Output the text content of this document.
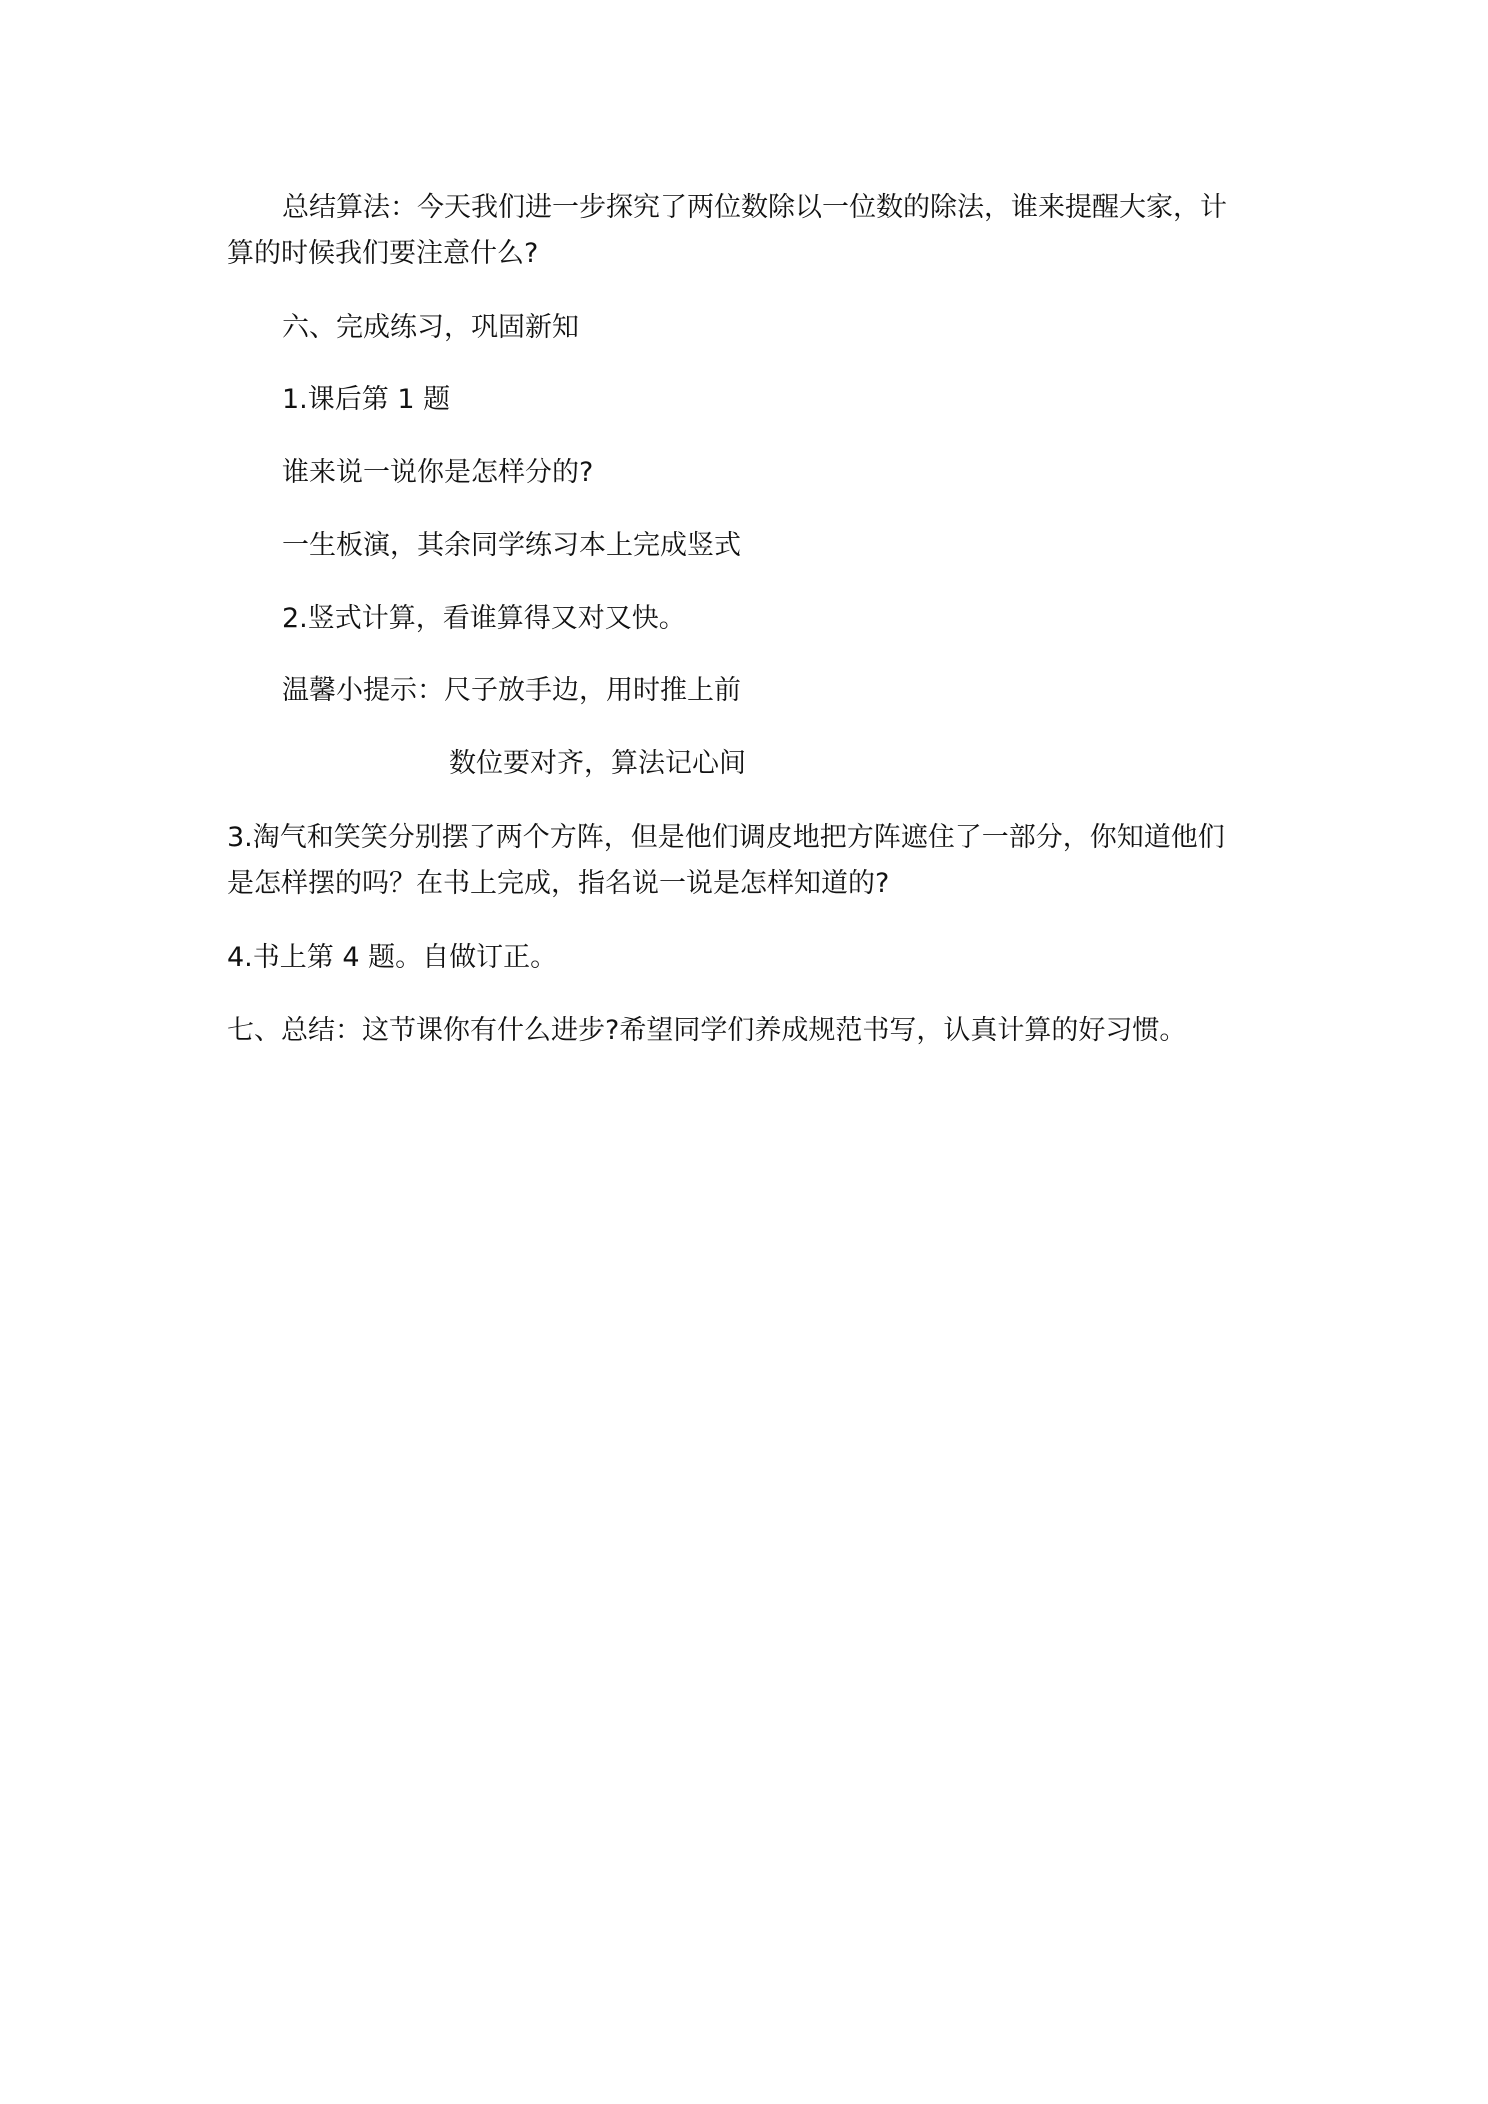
总结算法：今天我们进一步探究了两位数除以一位数的除法，谁来提醒大家，计
算的时候我们要注意什么?
六、完成练习，巩固新知
1.课后第 1 题
谁来说一说你是怎样分的?
一生板演，其余同学练习本上完成竖式
2.竖式计算，看谁算得又对又快。
温馨小提示：尺子放手边，用时推上前
数位要对齐，算法记心间
3.淘气和笑笑分别摆了两个方阵，但是他们调皮地把方阵遮住了一部分，你知道他们
是怎样摆的吗？在书上完成，指名说一说是怎样知道的?
4.书上第 4 题。自做订正。
七、总结：这节课你有什么进步?希望同学们养成规范书写，认真计算的好习惯。
